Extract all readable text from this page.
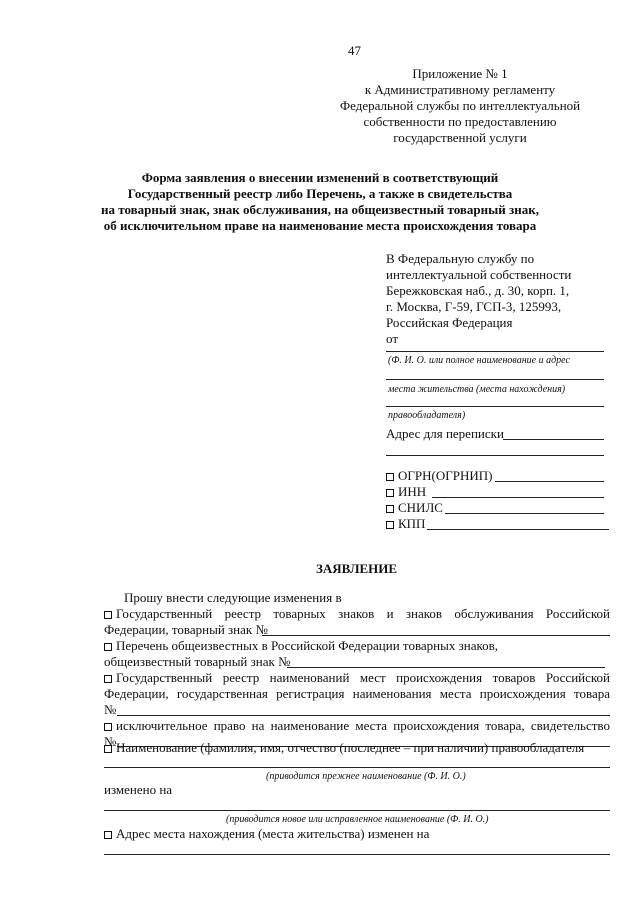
47
Приложение № 1
к Административному регламенту
Федеральной службы по интеллектуальной
собственности по предоставлению
государственной услуги
Форма заявления о внесении изменений в соответствующий
Государственный реестр либо Перечень, а также в свидетельства
на товарный знак, знак обслуживания, на общеизвестный товарный знак,
об исключительном праве на наименование места происхождения товара
В Федеральную службу по
интеллектуальной собственности
Бережковская наб., д. 30, корп. 1,
г. Москва, Г-59, ГСП-3, 125993,
Российская Федерация
от
(Ф. И. О. или полное наименование и адрес
места жительства (места нахождения)
правообладателя)
Адрес для переписки
ОГРН(ОГРНИП)
ИНН
СНИЛС
КПП
ЗАЯВЛЕНИЕ
Прошу внести следующие изменения в
Государственный реестр товарных знаков и знаков обслуживания Российской
Федерации, товарный знак №
Перечень общеизвестных в Российской Федерации товарных знаков,
общеизвестный товарный знак №
Государственный реестр наименований мест происхождения товаров Российской
Федерации, государственная регистрация наименования места происхождения товара
№
исключительное право на наименование места происхождения товара, свидетельство
№ Наименование (фамилия, имя, отчество (последнее – при наличии) правообладателя
(приводится прежнее наименование (Ф. И. О.)
изменено на
(приводится новое или исправленное наименование (Ф. И. О.)
Адрес места нахождения (места жительства) изменен на
